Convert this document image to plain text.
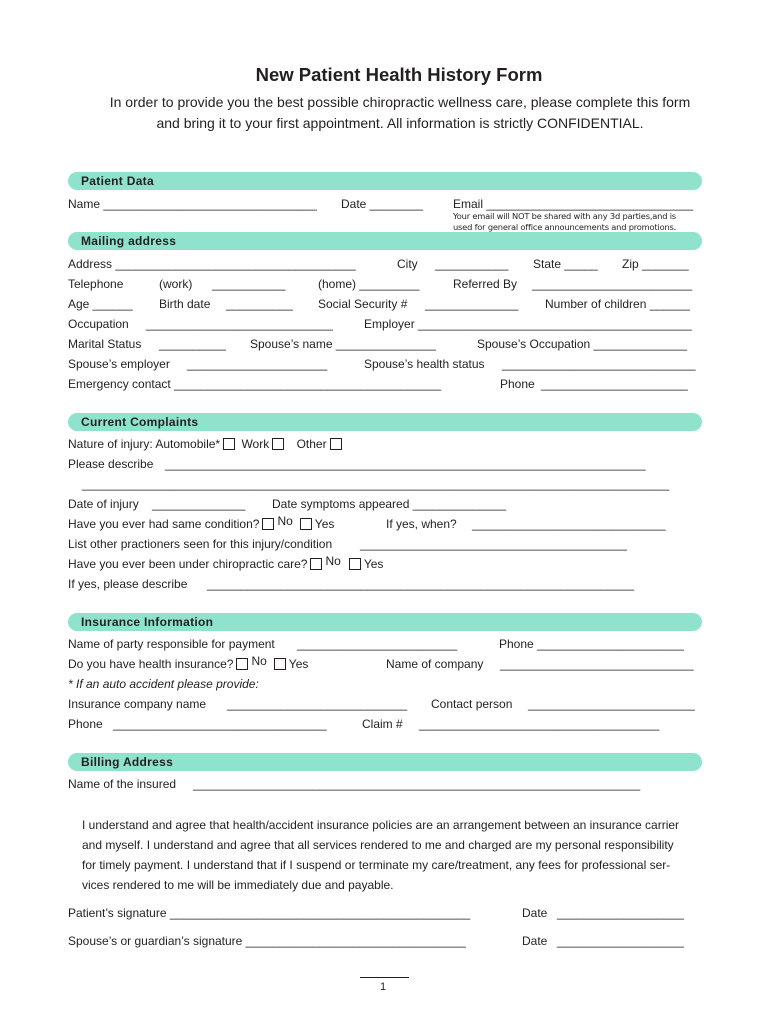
New Patient Health History Form
In order to provide you the best possible chiropractic wellness care, please complete this form
and bring it to your first appointment. All information is strictly CONFIDENTIAL.
Patient Data
Name ________________________________ Date ________ Email _______________________________
Your email will NOT be shared with any 3d parties,and is
used for general office announcements and promotions.
Mailing address
Address ____________________________________	City ___________ State _____ Zip _______
Telephone	(work) ___________	(home) _________	Referred By ________________________
Age ______ Birth date __________ Social Security # ______________ Number of children ______
Occupation ____________________________	Employer _________________________________________
Marital Status __________ Spouse’s name _______________	Spouse’s Occupation ______________
Spouse’s employer _____________________	Spouse’s health status _____________________________
Emergency contact ________________________________________	Phone ______________________
Current Complaints
Nature of injury: Automobile* Work Other
Please describe ________________________________________________________________________
________________________________________________________________________________________
Date of injury ______________ Date symptoms appeared ______________
Have you ever had same condition? No Yes	If yes, when? _____________________________
List other practioners seen for this injury/condition ________________________________________
Have you ever been under chiropractic care? No Yes
If yes, please describe ________________________________________________________________
Insurance Information
Name of party responsible for payment ________________________	Phone ______________________
Do you have health insurance? No Yes	Name of company _____________________________
* If an auto accident please provide:
Insurance company name ___________________________ Contact person _________________________
Phone ________________________________	Claim # ____________________________________
Billing Address
Name of the insured ___________________________________________________________________
I understand and agree that health/accident insurance policies are an arrangement between an insurance carrier
and myself. I understand and agree that all services rendered to me and charged are my personal responsibility
for timely payment. I understand that if I suspend or terminate my care/treatment, any fees for professional ser-
vices rendered to me will be immediately due and payable.
Patient’s signature _____________________________________________	Date ___________________
Spouse’s or guardian’s signature _________________________________	Date ___________________
1
